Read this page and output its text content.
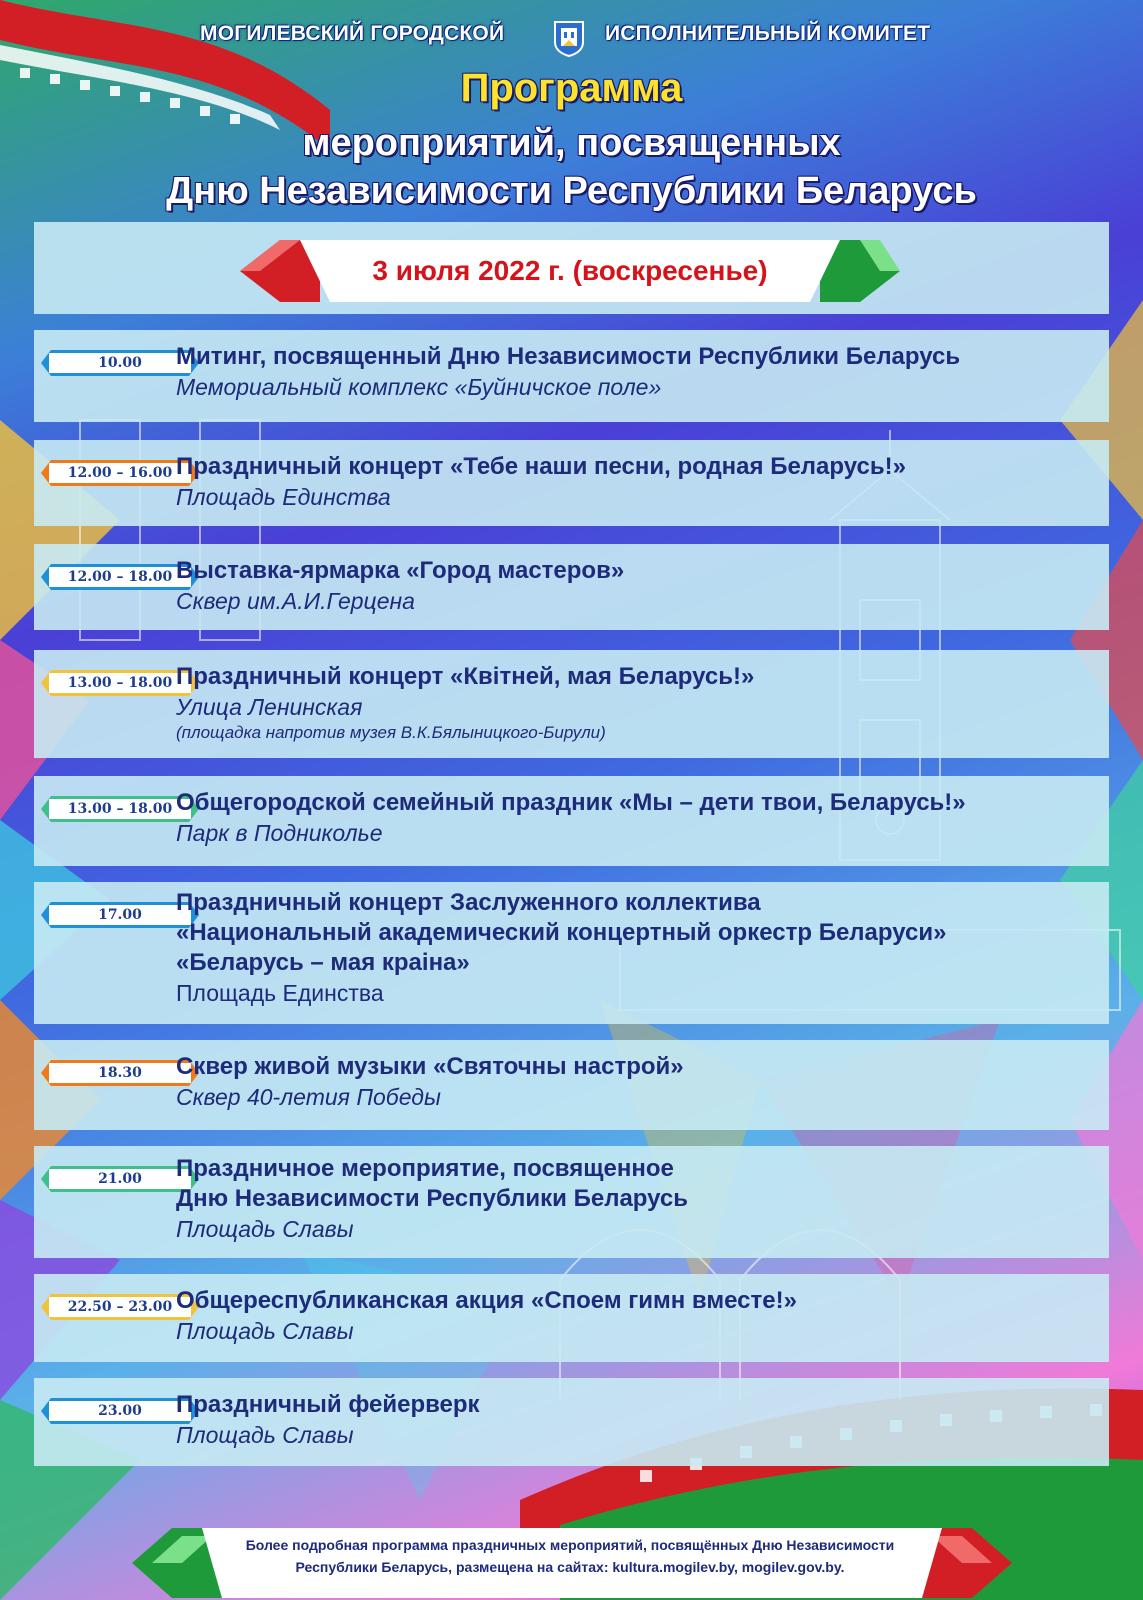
МОГИЛЕВСКИЙ ГОРОДСКОЙ	ИСПОЛНИТЕЛЬНЫЙ КОМИТЕТ
Программа
мероприятий, посвященных
Дню Независимости Республики Беларусь
3 июля 2022 г. (воскресенье)
10.00	Митинг, посвященный Дню Независимости Республики Беларусь
Мемориальный комплекс «Буйничское поле»
12.00 – 16.00 Праздничный концерт «Тебе наши песни, родная Беларусь!»
Площадь Единства
12.00 – 18.00 Выставка-ярмарка «Город мастеров»
Сквер им.А.И.Герцена
13.00 – 18.00 Праздничный концерт «Квітней, мая Беларусь!»
Улица Ленинская
(площадка напротив музея В.К.Бялыницкого-Бирули)
13.00 – 18.00 Общегородской семейный праздник «Мы – дети твои, Беларусь!»
Парк в Подниколье
17.00	Праздничный концерт Заслуженного коллектива
«Национальный академический концертный оркестр Беларуси»
«Беларусь – мая краіна»
Площадь Единства
18.30	Сквер живой музыки «Святочны настрой»
Сквер 40-летия Победы
21.00	Праздничное мероприятие, посвященное
Дню Независимости Республики Беларусь
Площадь Славы
22.50 – 23.00 Общереспубликанская акция «Споем гимн вместе!»
Площадь Славы
23.00	Праздничный фейерверк
Площадь Славы
Более подробная программа праздничных мероприятий, посвящённых Дню Независимости
Республики Беларусь, размещена на сайтах: kultura.mogilev.by, mogilev.gov.by.
